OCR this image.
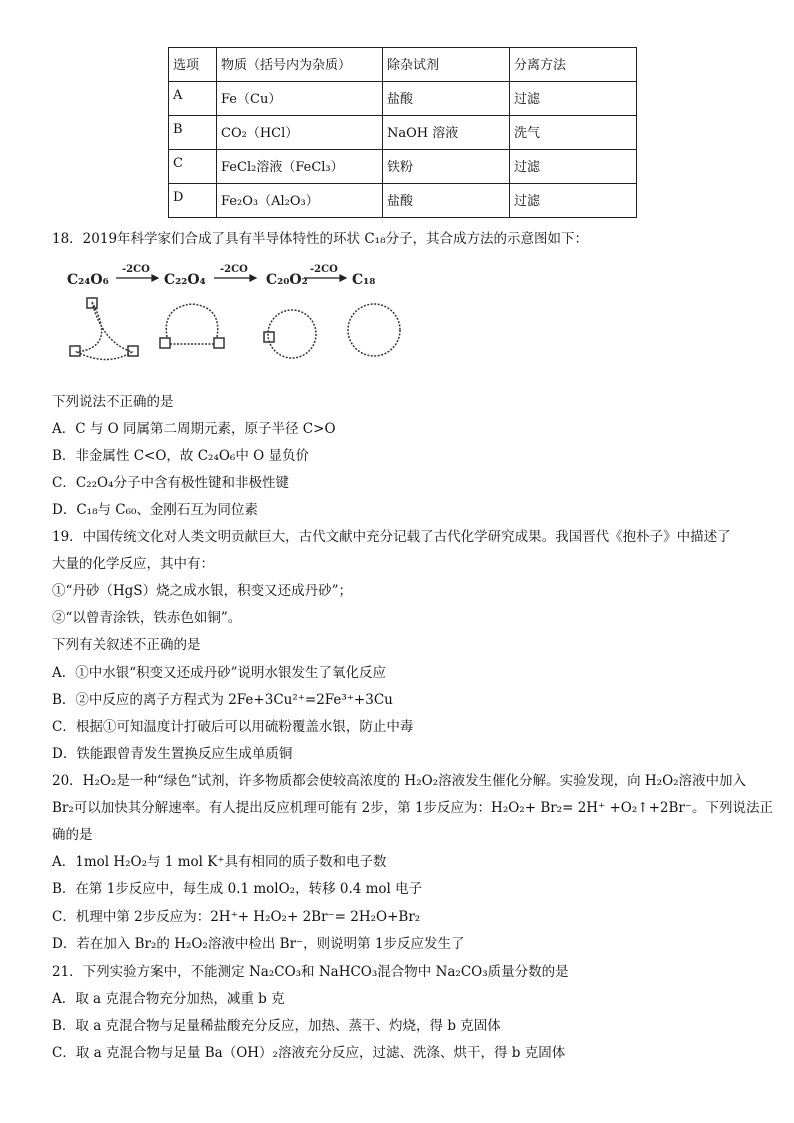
选项	物质（括号内为杂质）	除杂试剂	分离方法
A	Fe（Cu）	盐酸	过滤
B	CO₂（HCl）	NaOH 溶液	洗气
C	FeCl₂溶液（FeCl₃）	铁粉	过滤
D	Fe₂O₃（Al₂O₃）	盐酸	过滤
18．2019年科学家们合成了具有半导体特性的环状 C₁₈分子，其合成方法的示意图如下：
C₂₄O₆	C₂₂O₄	C₂₀O₂	C₁₈
-2CO	-2CO	-2CO
下列说法不正确的是
A．C 与 O 同属第二周期元素，原子半径 C>O
B．非金属性 C<O，故 C₂₄O₆中 O 显负价
C．C₂₂O₄分子中含有极性键和非极性键
D．C₁₈与 C₆₀、金刚石互为同位素
19．中国传统文化对人类文明贡献巨大，古代文献中充分记载了古代化学研究成果。我国晋代《抱朴子》中描述了
大量的化学反应，其中有：
①“丹砂（HgS）烧之成水银，积变又还成丹砂”；
②“以曾青涂铁，铁赤色如铜”。
下列有关叙述不正确的是
A．①中水银“积变又还成丹砂”说明水银发生了氧化反应
B．②中反应的离子方程式为 2Fe+3Cu²⁺=2Fe³⁺+3Cu
C．根据①可知温度计打破后可以用硫粉覆盖水银，防止中毒
D．铁能跟曾青发生置换反应生成单质铜
20．H₂O₂是一种“绿色”试剂，许多物质都会使较高浓度的 H₂O₂溶液发生催化分解。实验发现，向 H₂O₂溶液中加入
Br₂可以加快其分解速率。有人提出反应机理可能有 2步，第 1步反应为：H₂O₂+ Br₂= 2H⁺ +O₂↑+2Br⁻。下列说法正
确的是
A．1mol H₂O₂与 1 mol K⁺具有相同的质子数和电子数
B．在第 1步反应中，每生成 0.1 molO₂，转移 0.4 mol 电子
C．机理中第 2步反应为：2H⁺+ H₂O₂+ 2Br⁻= 2H₂O+Br₂
D．若在加入 Br₂的 H₂O₂溶液中检出 Br⁻，则说明第 1步反应发生了
21．下列实验方案中，不能测定 Na₂CO₃和 NaHCO₃混合物中 Na₂CO₃质量分数的是
A．取 a 克混合物充分加热，减重 b 克
B．取 a 克混合物与足量稀盐酸充分反应，加热、蒸干、灼烧，得 b 克固体
C．取 a 克混合物与足量 Ba（OH）₂溶液充分反应，过滤、洗涤、烘干，得 b 克固体
